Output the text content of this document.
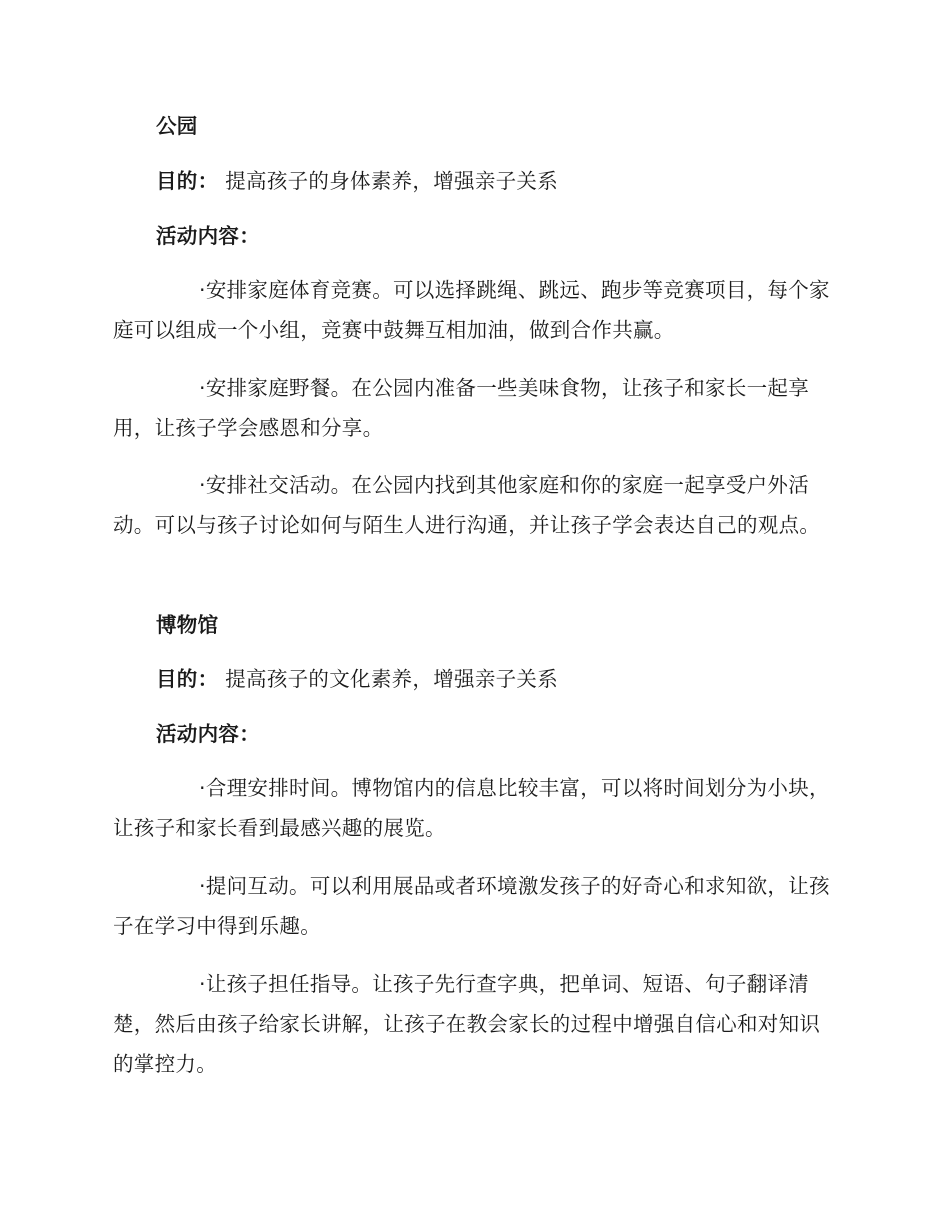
公园
目的： 提高孩子的身体素养，增强亲子关系
活动内容：
·安排家庭体育竞赛。可以选择跳绳、跳远、跑步等竞赛项目，每个家庭可以组成一个小组，竞赛中鼓舞互相加油，做到合作共赢。
·安排家庭野餐。在公园内准备一些美味食物，让孩子和家长一起享用，让孩子学会感恩和分享。
·安排社交活动。在公园内找到其他家庭和你的家庭一起享受户外活动。可以与孩子讨论如何与陌生人进行沟通，并让孩子学会表达自己的观点。
博物馆
目的： 提高孩子的文化素养，增强亲子关系
活动内容：
·合理安排时间。博物馆内的信息比较丰富，可以将时间划分为小块，让孩子和家长看到最感兴趣的展览。
·提问互动。可以利用展品或者环境激发孩子的好奇心和求知欲，让孩子在学习中得到乐趣。
·让孩子担任指导。让孩子先行查字典，把单词、短语、句子翻译清楚，然后由孩子给家长讲解，让孩子在教会家长的过程中增强自信心和对知识的掌控力。
